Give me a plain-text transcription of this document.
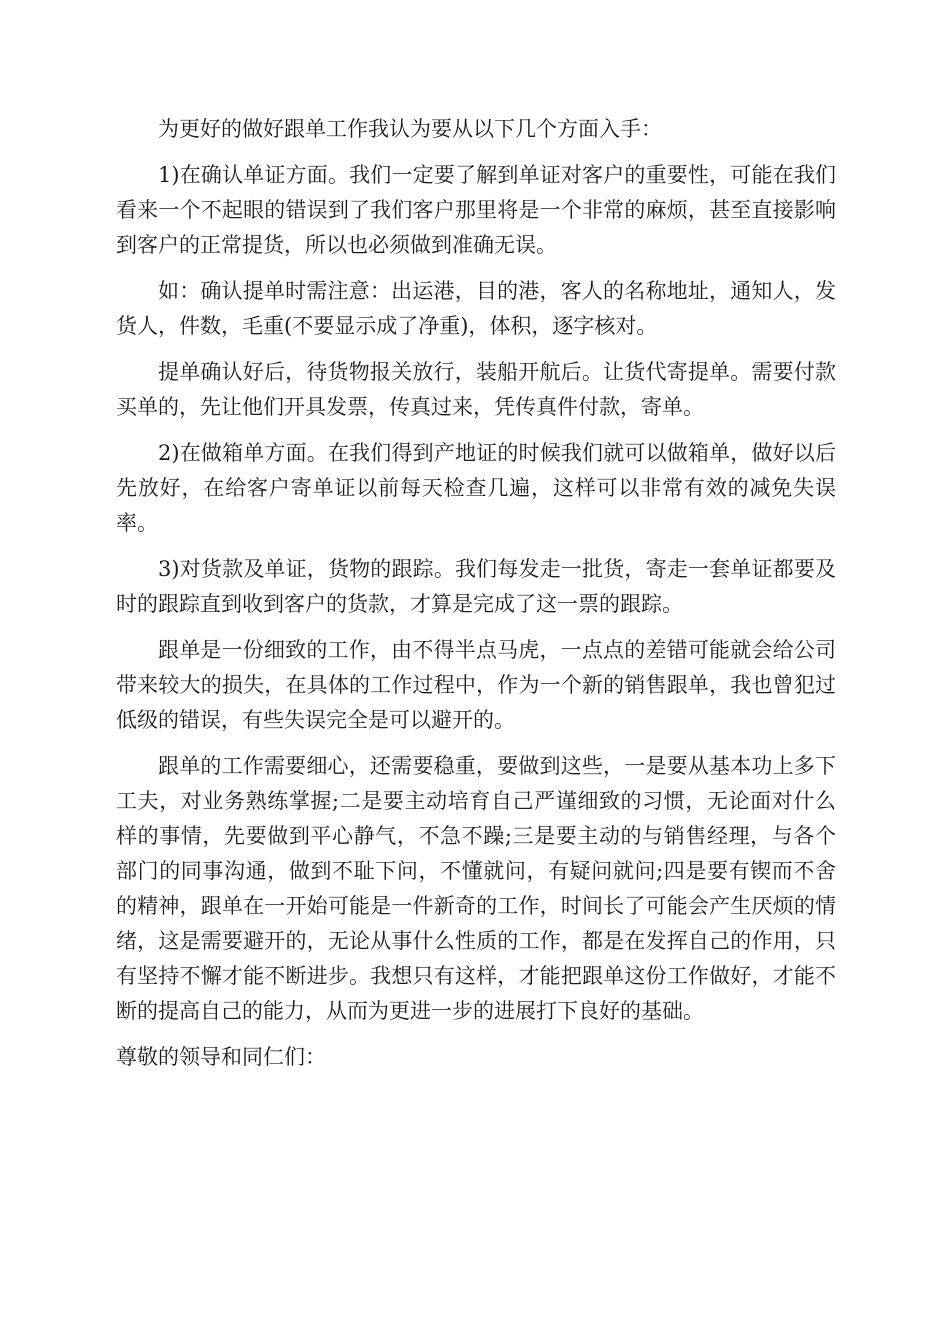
为更好的做好跟单工作我认为要从以下几个方面入手：

1)在确认单证方面。我们一定要了解到单证对客户的重要性，可能在我们看来一个不起眼的错误到了我们客户那里将是一个非常的麻烦，甚至直接影响到客户的正常提货，所以也必须做到准确无误。

如：确认提单时需注意：出运港，目的港，客人的名称地址，通知人，发货人，件数，毛重(不要显示成了净重)，体积，逐字核对。

提单确认好后，待货物报关放行，装船开航后。让货代寄提单。需要付款买单的，先让他们开具发票，传真过来，凭传真件付款，寄单。

2)在做箱单方面。在我们得到产地证的时候我们就可以做箱单，做好以后先放好，在给客户寄单证以前每天检查几遍，这样可以非常有效的减免失误率。

3)对货款及单证，货物的跟踪。我们每发走一批货，寄走一套单证都要及时的跟踪直到收到客户的货款，才算是完成了这一票的跟踪。

跟单是一份细致的工作，由不得半点马虎，一点点的差错可能就会给公司带来较大的损失，在具体的工作过程中，作为一个新的销售跟单，我也曾犯过低级的错误，有些失误完全是可以避开的。

跟单的工作需要细心，还需要稳重，要做到这些，一是要从基本功上多下工夫，对业务熟练掌握;二是要主动培育自己严谨细致的习惯，无论面对什么样的事情，先要做到平心静气，不急不躁;三是要主动的与销售经理，与各个部门的同事沟通，做到不耻下问，不懂就问，有疑问就问;四是要有锲而不舍的精神，跟单在一开始可能是一件新奇的工作，时间长了可能会产生厌烦的情绪，这是需要避开的，无论从事什么性质的工作，都是在发挥自己的作用，只有坚持不懈才能不断进步。我想只有这样，才能把跟单这份工作做好，才能不断的提高自己的能力，从而为更进一步的进展打下良好的基础。

尊敬的领导和同仁们：
